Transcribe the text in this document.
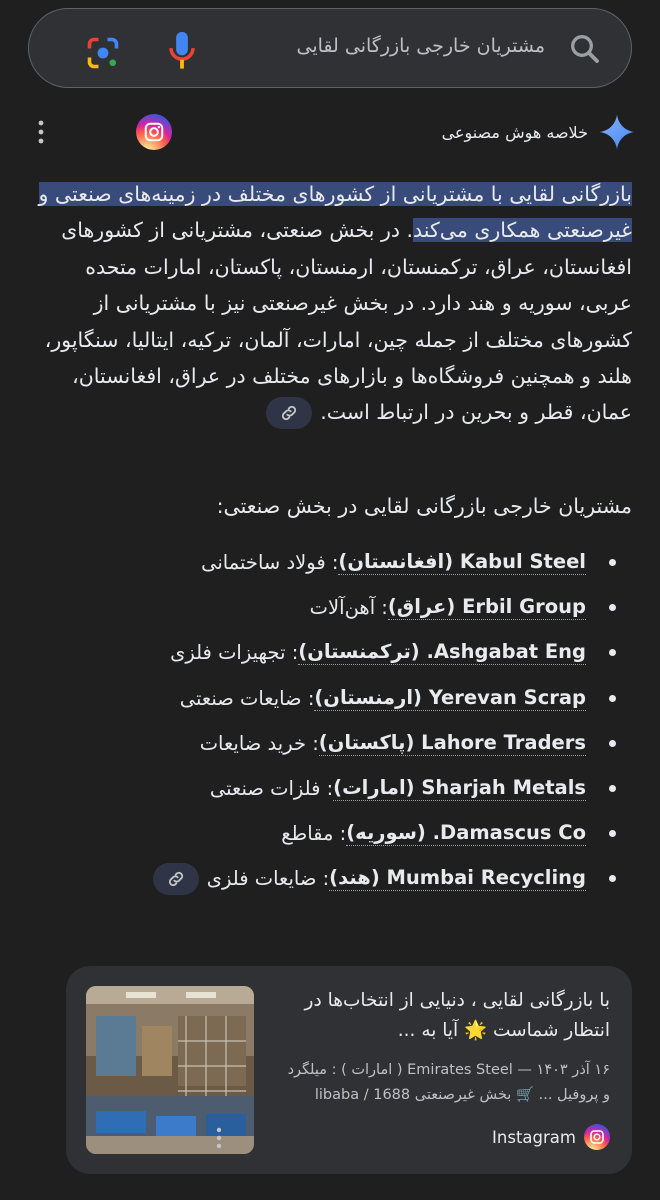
مشتریان خارجی بازرگانی لقایی
خلاصه هوش مصنوعی
بازرگانی لقایی با مشتریانی از کشورهای مختلف در زمینه‌های صنعتی و غیرصنعتی همکاری می‌کند. در بخش صنعتی، مشتریانی از کشورهای افغانستان، عراق، ترکمنستان، ارمنستان، پاکستان، امارات متحده عربی، سوریه و هند دارد. در بخش غیرصنعتی نیز با مشتریانی از کشورهای مختلف از جمله چین، امارات، آلمان، ترکیه، ایتالیا، سنگاپور، هلند و همچنین فروشگاه‌ها و بازارهای مختلف در عراق، افغانستان، عمان، قطر و بحرین در ارتباط است.
مشتریان خارجی بازرگانی لقایی در بخش صنعتی:
Kabul Steel (افغانستان)
: فولاد ساختمانی
Erbil Group (عراق)
: آهن‌آلات
Ashgabat Eng. (ترکمنستان)
: تجهیزات فلزی
Yerevan Scrap (ارمنستان)
: ضایعات صنعتی
Lahore Traders (پاکستان)
: خرید ضایعات
Sharjah Metals (امارات)
: فلزات صنعتی
Damascus Co. (سوریه)
: مقاطع
Mumbai Recycling (هند)
: ضایعات فلزی
با بازرگانی لقایی ، دنیایی از انتخاب‌ها در انتظار شماست 🌟 آیا به ...
۱۶ آذر ۱۴۰۳ — Emirates Steel ( امارات ) : میلگرد
و پروفیل ... 🛒 بخش غیرصنعتی 1688 / libaba
Instagram
